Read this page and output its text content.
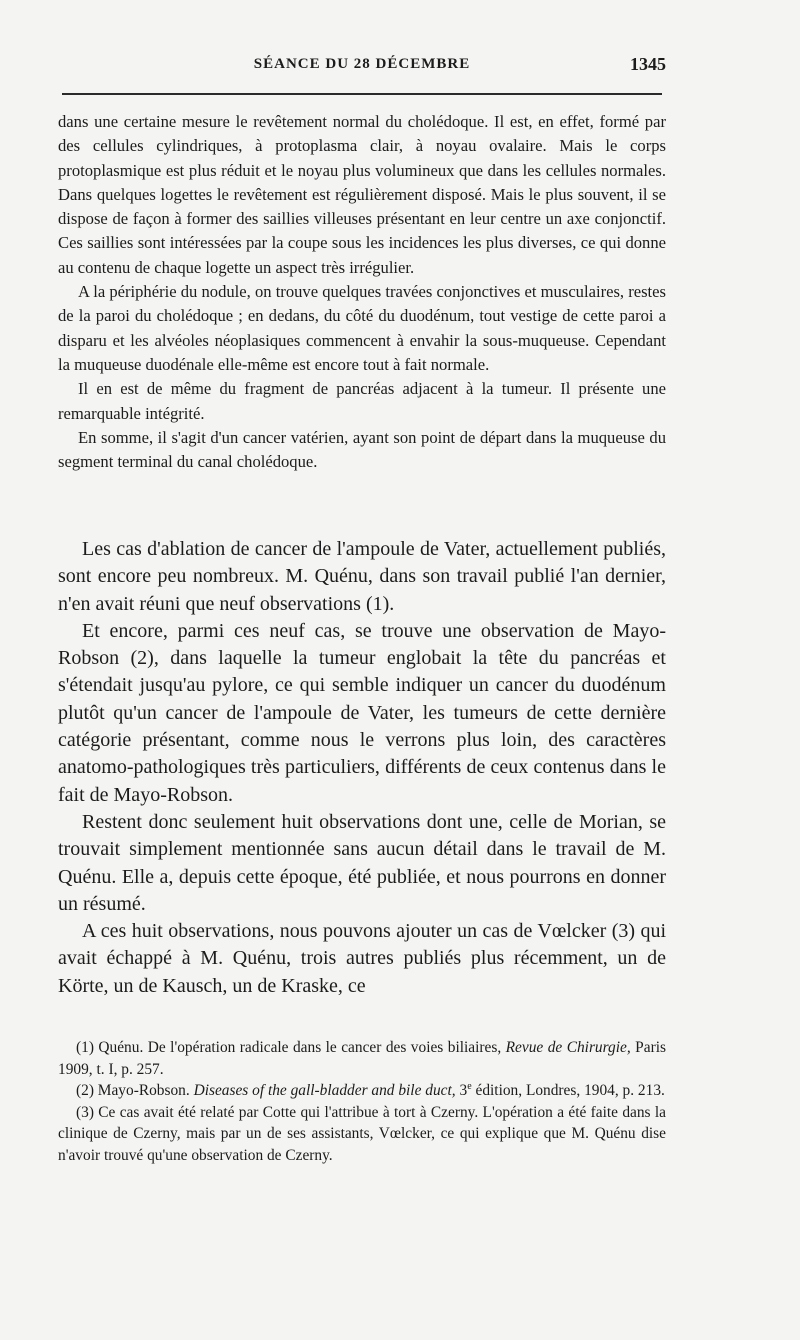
SÉANCE DU 28 DÉCEMBRE	1345

dans une certaine mesure le revêtement normal du cholédoque. Il est, en effet, formé par des cellules cylindriques, à protoplasma clair, à noyau ovalaire. Mais le corps protoplasmique est plus réduit et le noyau plus volumineux que dans les cellules normales. Dans quelques logettes le revêtement est régulièrement disposé. Mais le plus souvent, il se dispose de façon à former des saillies villeuses présentant en leur centre un axe conjonctif. Ces saillies sont intéressées par la coupe sous les incidences les plus diverses, ce qui donne au contenu de chaque logette un aspect très irrégulier.

A la périphérie du nodule, on trouve quelques travées conjonctives et musculaires, restes de la paroi du cholédoque ; en dedans, du côté du duodénum, tout vestige de cette paroi a disparu et les alvéoles néoplasiques commencent à envahir la sous-muqueuse. Cependant la muqueuse duodénale elle-même est encore tout à fait normale.

Il en est de même du fragment de pancréas adjacent à la tumeur. Il présente une remarquable intégrité.

En somme, il s'agit d'un cancer vatérien, ayant son point de départ dans la muqueuse du segment terminal du canal cholédoque.

Les cas d'ablation de cancer de l'ampoule de Vater, actuellement publiés, sont encore peu nombreux. M. Quénu, dans son travail publié l'an dernier, n'en avait réuni que neuf observations (1).

Et encore, parmi ces neuf cas, se trouve une observation de Mayo-Robson (2), dans laquelle la tumeur englobait la tête du pancréas et s'étendait jusqu'au pylore, ce qui semble indiquer un cancer du duodénum plutôt qu'un cancer de l'ampoule de Vater, les tumeurs de cette dernière catégorie présentant, comme nous le verrons plus loin, des caractères anatomo-pathologiques très particuliers, différents de ceux contenus dans le fait de Mayo-Robson.

Restent donc seulement huit observations dont une, celle de Morian, se trouvait simplement mentionnée sans aucun détail dans le travail de M. Quénu. Elle a, depuis cette époque, été publiée, et nous pourrons en donner un résumé.

A ces huit observations, nous pouvons ajouter un cas de Vœlcker (3) qui avait échappé à M. Quénu, trois autres publiés plus récemment, un de Körte, un de Kausch, un de Kraske, ce

(1) Quénu. De l'opération radicale dans le cancer des voies biliaires, Revue de Chirurgie, Paris 1909, t. I, p. 257.

(2) Mayo-Robson. Diseases of the gall-bladder and bile duct, 3e édition, Londres, 1904, p. 213.

(3) Ce cas avait été relaté par Cotte qui l'attribue à tort à Czerny. L'opération a été faite dans la clinique de Czerny, mais par un de ses assistants, Vœlcker, ce qui explique que M. Quénu dise n'avoir trouvé qu'une observation de Czerny.
